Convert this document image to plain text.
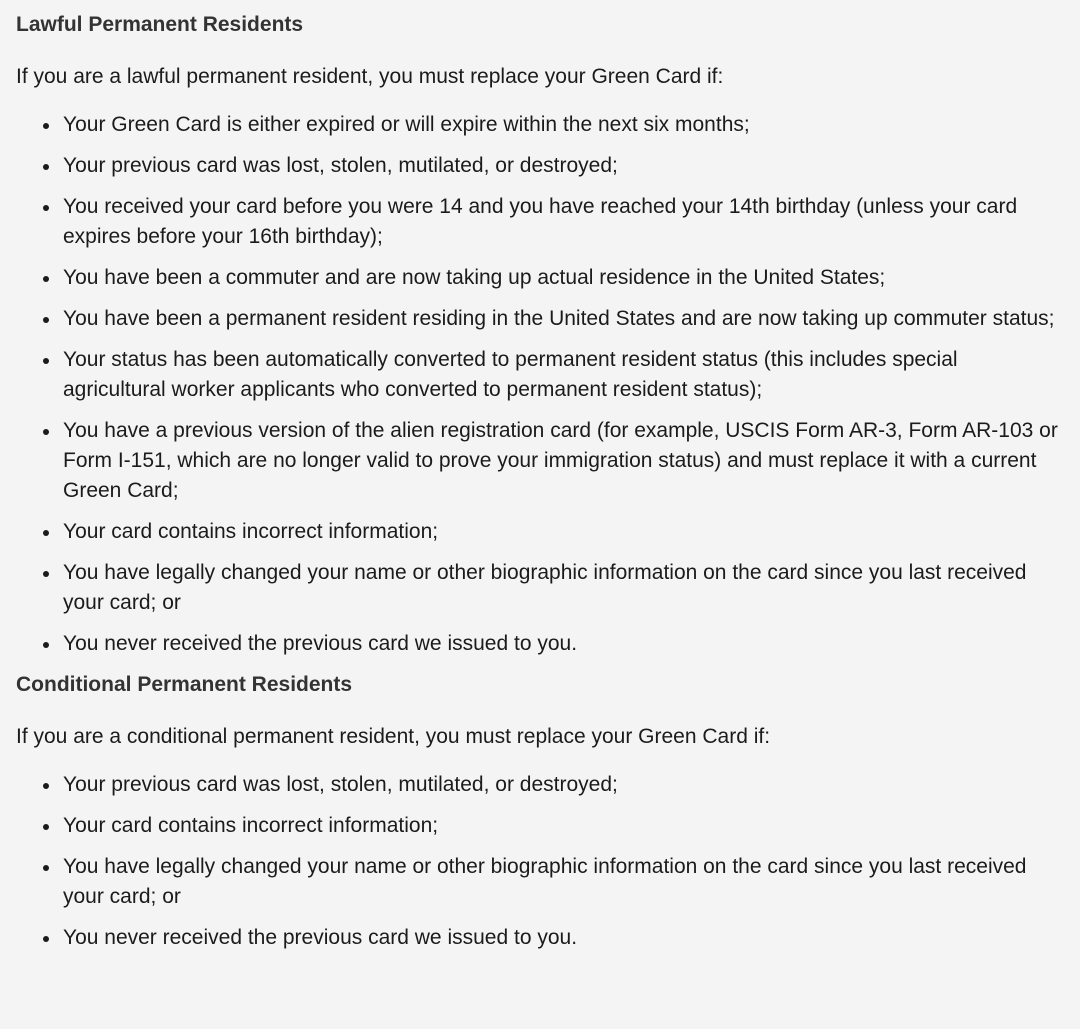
Lawful Permanent Residents

If you are a lawful permanent resident, you must replace your Green Card if:

Your Green Card is either expired or will expire within the next six months;
Your previous card was lost, stolen, mutilated, or destroyed;
You received your card before you were 14 and you have reached your 14th birthday (unless your card expires before your 16th birthday);
You have been a commuter and are now taking up actual residence in the United States;
You have been a permanent resident residing in the United States and are now taking up commuter status;
Your status has been automatically converted to permanent resident status (this includes special agricultural worker applicants who converted to permanent resident status);
You have a previous version of the alien registration card (for example, USCIS Form AR-3, Form AR-103 or Form I-151, which are no longer valid to prove your immigration status) and must replace it with a current Green Card;
Your card contains incorrect information;
You have legally changed your name or other biographic information on the card since you last received your card; or
You never received the previous card we issued to you.
Conditional Permanent Residents

If you are a conditional permanent resident, you must replace your Green Card if:

Your previous card was lost, stolen, mutilated, or destroyed;
Your card contains incorrect information;
You have legally changed your name or other biographic information on the card since you last received your card; or
You never received the previous card we issued to you.
